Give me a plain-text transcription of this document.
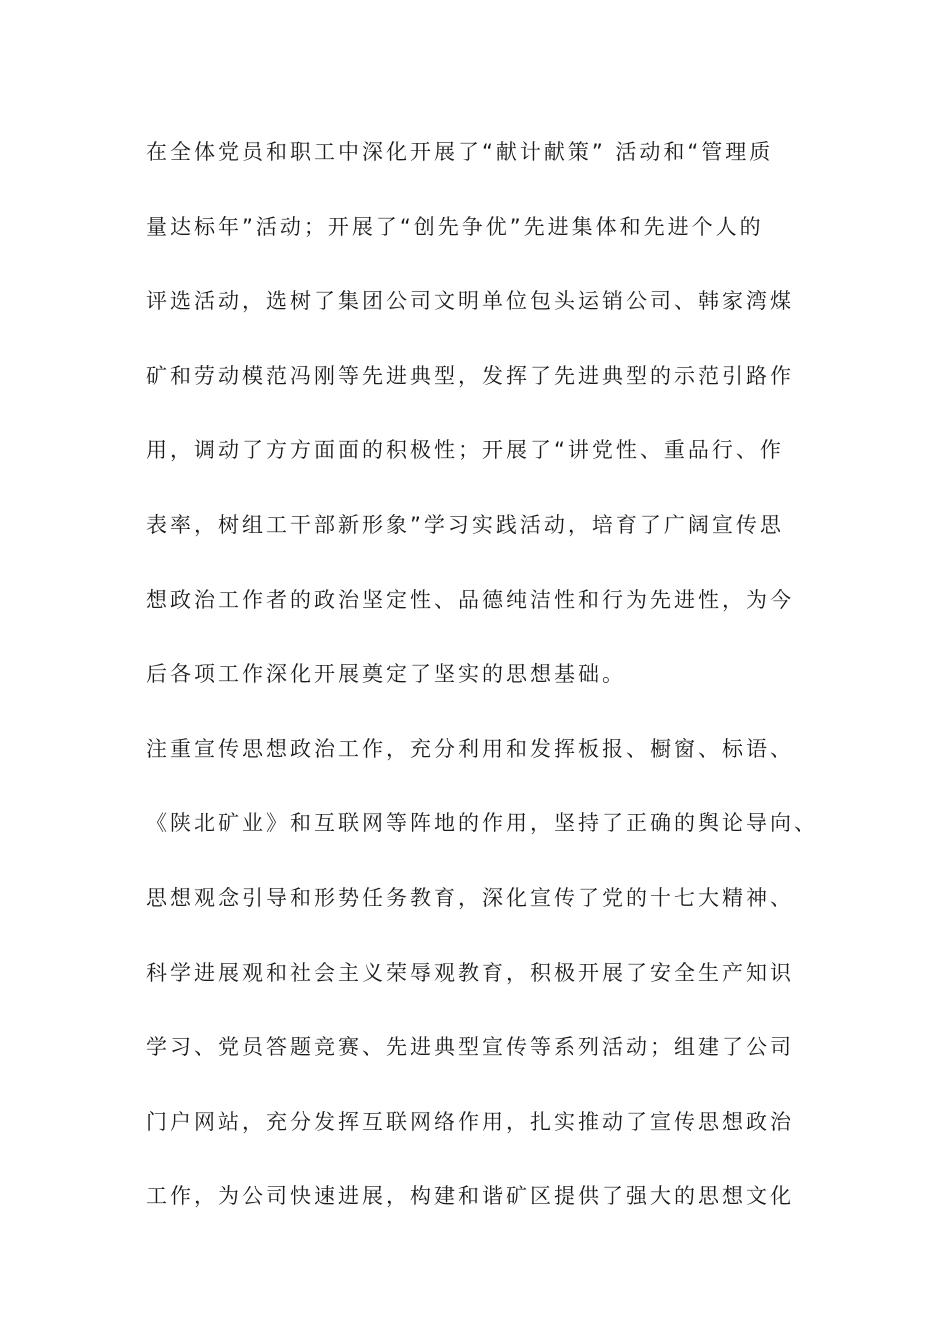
在全体党员和职工中深化开展了“献计献策” 活动和“管理质
量达标年”活动；开展了“创先争优”先进集体和先进个人的
评选活动，选树了集团公司文明单位包头运销公司、韩家湾煤
矿和劳动模范冯刚等先进典型，发挥了先进典型的示范引路作
用，调动了方方面面的积极性；开展了“讲党性、重品行、作
表率，树组工干部新形象”学习实践活动，培育了广阔宣传思
想政治工作者的政治坚定性、品德纯洁性和行为先进性，为今
后各项工作深化开展奠定了坚实的思想基础。
注重宣传思想政治工作，充分利用和发挥板报、橱窗、标语、
《陕北矿业》和互联网等阵地的作用，坚持了正确的舆论导向、
思想观念引导和形势任务教育，深化宣传了党的十七大精神、
科学进展观和社会主义荣辱观教育，积极开展了安全生产知识
学习、党员答题竞赛、先进典型宣传等系列活动；组建了公司
门户网站，充分发挥互联网络作用，扎实推动了宣传思想政治
工作，为公司快速进展，构建和谐矿区提供了强大的思想文化
